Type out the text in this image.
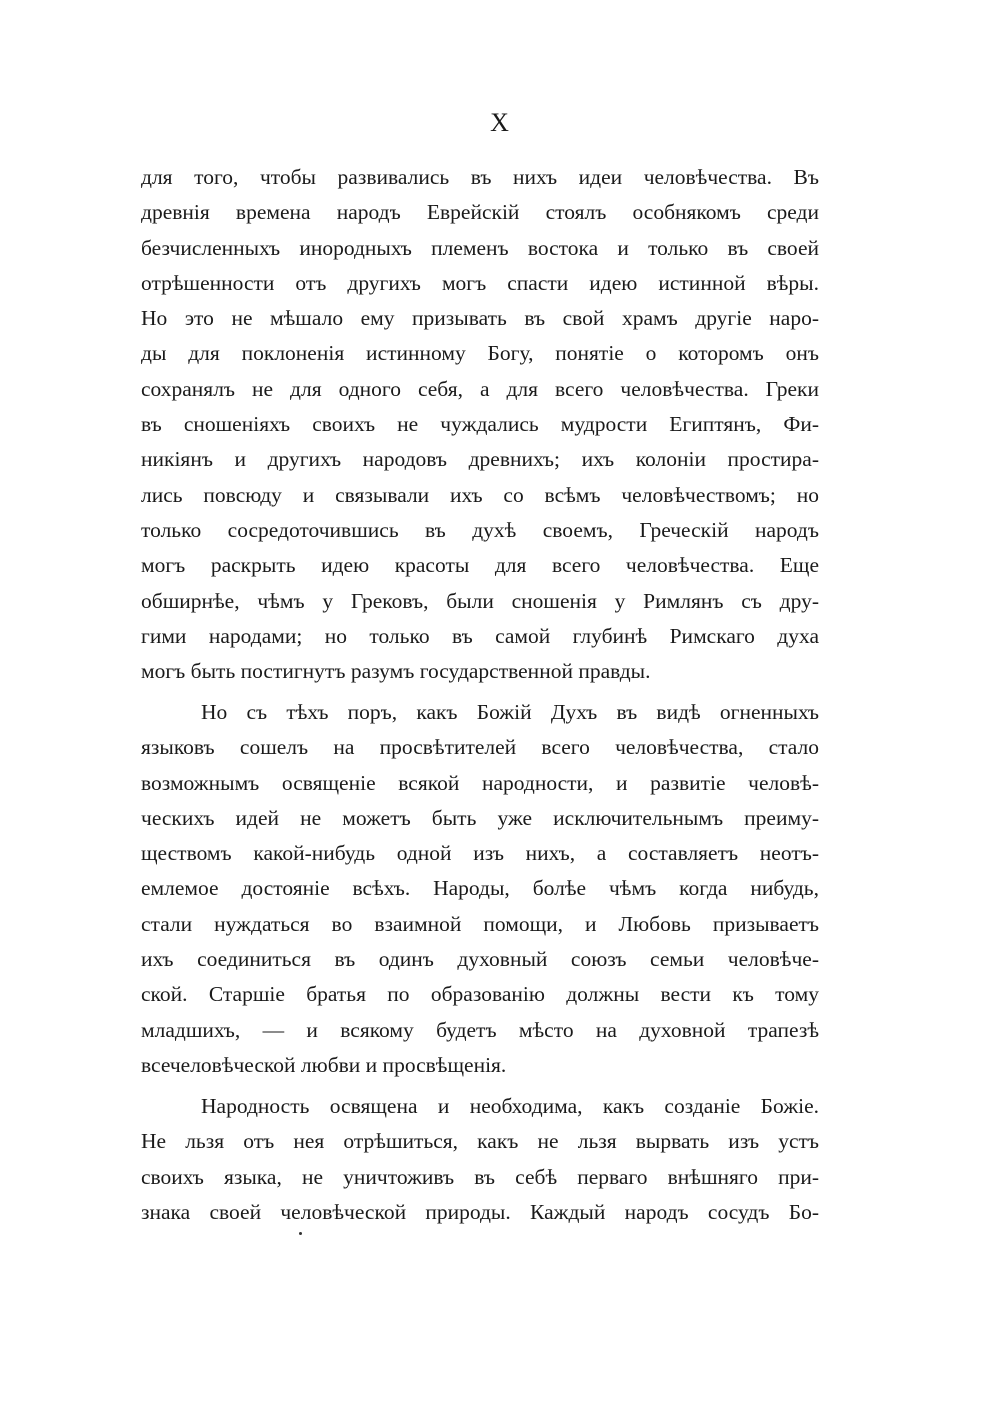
X
для того, чтобы развивались въ нихъ идеи человѣчества. Въ
древнія времена народъ Еврейскій стоялъ особнякомъ среди
безчисленныхъ инородныхъ племенъ востока и только въ своей
отрѣшенности отъ другихъ могъ спасти идею истинной вѣры.
Но это не мѣшало ему призывать въ свой храмъ другіе наро-
ды для поклоненія истинному Богу, понятіе о которомъ онъ
сохранялъ не для одного себя, а для всего человѣчества. Греки
въ сношеніяхъ своихъ не чуждались мудрости Египтянъ, Фи-
никіянъ и другихъ народовъ древнихъ; ихъ колоніи простира-
лись повсюду и связывали ихъ со всѣмъ человѣчествомъ; но
только сосредоточившись въ духѣ своемъ, Греческій народъ
могъ раскрыть идею красоты для всего человѣчества. Еще
обширнѣе, чѣмъ у Грековъ, были сношенія у Римлянъ съ дру-
гими народами; но только въ самой глубинѣ Римскаго духа
могъ быть постигнутъ разумъ государственной правды.
Но съ тѣхъ поръ, какъ Божій Духъ въ видѣ огненныхъ
языковъ сошелъ на просвѣтителей всего человѣчества, стало
возможнымъ освященіе всякой народности, и развитіе человѣ-
ческихъ идей не можетъ быть уже исключительнымъ преиму-
ществомъ какой-нибудь одной изъ нихъ, а составляетъ неотъ-
емлемое достояніе всѣхъ. Народы, болѣе чѣмъ когда нибудь,
стали нуждаться во взаимной помощи, и Любовь призываетъ
ихъ соединиться въ одинъ духовный союзъ семьи человѣче-
ской. Старшіе братья по образованію должны вести къ тому
младшихъ, — и всякому будетъ мѣсто на духовной трапезѣ
всечеловѣческой любви и просвѣщенія.
Народность освящена и необходима, какъ созданіе Божіе.
Не льзя отъ нея отрѣшиться, какъ не льзя вырвать изъ устъ
своихъ языка, не уничтоживъ въ себѣ перваго внѣшняго при-
знака своей человѣческой природы. Каждый народъ сосудъ Бо-
